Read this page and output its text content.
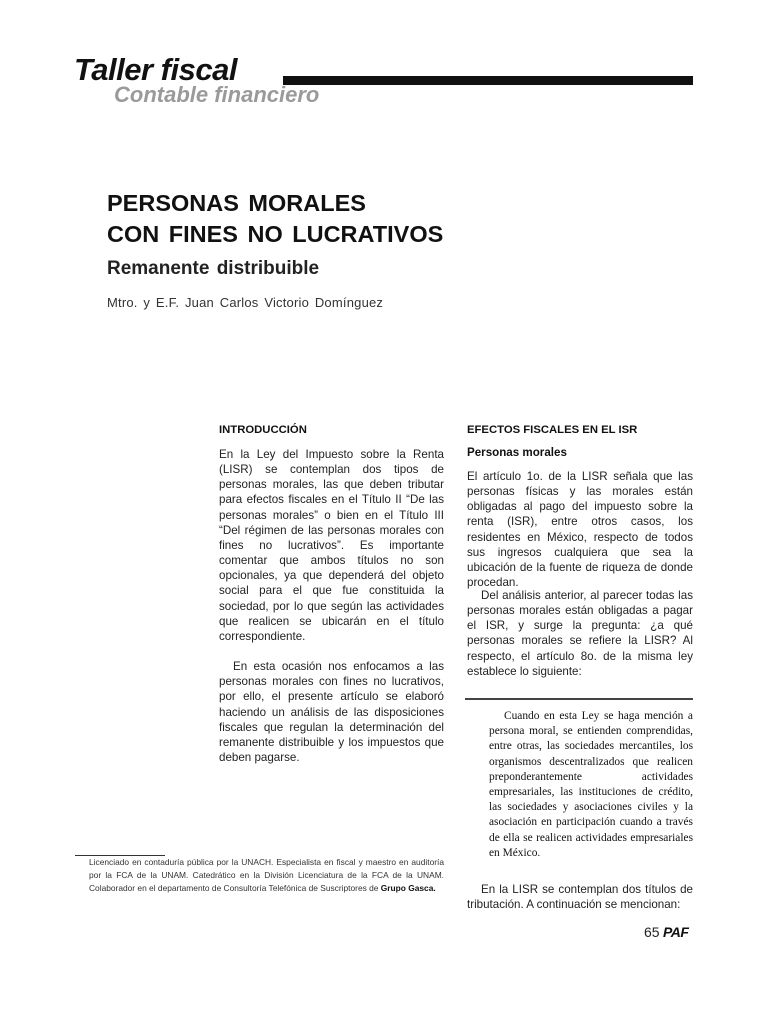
Taller fiscal
Contable financiero
PERSONAS MORALES
CON FINES NO LUCRATIVOS
Remanente distribuible
Mtro. y E.F. Juan Carlos Victorio Domínguez
INTRODUCCIÓN

En la Ley del Impuesto sobre la Renta (LISR) se contemplan dos tipos de personas morales, las que deben tributar para efectos fiscales en el Título II “De las personas morales” o bien en el Título III “Del régimen de las personas morales con fines no lucrativos”. Es importante comentar que ambos títulos no son opcionales, ya que dependerá del objeto social para el que fue constituida la sociedad, por lo que según las actividades que realicen se ubicarán en el título correspondiente.

En esta ocasión nos enfocamos a las personas morales con fines no lucrativos, por ello, el presente artículo se elaboró haciendo un análisis de las disposiciones fiscales que regulan la determinación del remanente distribuible y los impuestos que deben pagarse.

EFECTOS FISCALES EN EL ISR
Personas morales

El artículo 1o. de la LISR señala que las personas físicas y las morales están obligadas al pago del impuesto sobre la renta (ISR), entre otros casos, los residentes en México, respecto de todos sus ingresos cualquiera que sea la ubicación de la fuente de riqueza de donde procedan.

Del análisis anterior, al parecer todas las personas morales están obligadas a pagar el ISR, y surge la pregunta: ¿a qué personas morales se refiere la LISR? Al respecto, el artículo 8o. de la misma ley establece lo siguiente:

Cuando en esta Ley se haga mención a persona moral, se entienden comprendidas, entre otras, las sociedades mercantiles, los organismos descentralizados que realicen preponderantemente actividades empresariales, las instituciones de crédito, las sociedades y asociaciones civiles y la asociación en participación cuando a través de ella se realicen actividades empresariales en México.

En la LISR se contemplan dos títulos de tributación. A continuación se mencionan:

Licenciado en contaduría pública por la UNACH. Especialista en fiscal y maestro en auditoría por la FCA de la UNAM. Catedrático en la División Licenciatura de la FCA de la UNAM. Colaborador en el departamento de Consultoría Telefónica de Suscriptores de Grupo Gasca.

65 PAF
